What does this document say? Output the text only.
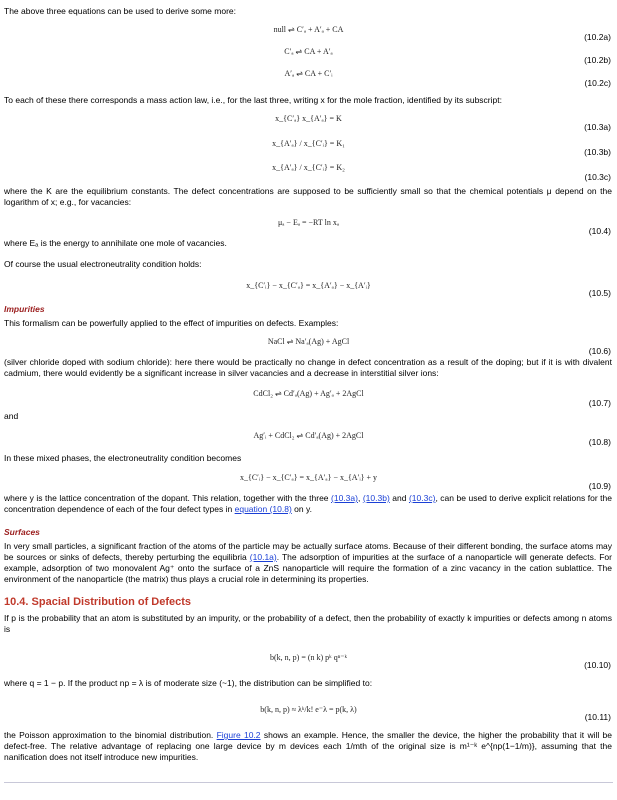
The above three equations can be used to derive some more:
null ⇌ C′ₐ + A′ₐ + CA
(10.2a)
C′ₐ ⇌ CA + A′ₐ
(10.2b)
A′ₐ ⇌ CA + C′ᵢ
(10.2c)
To each of these there corresponds a mass action law, i.e., for the last three, writing x for the mole fraction, identified by its subscript:
x_{C′ₐ} x_{A′ₐ} = K
(10.3a)
x_{A′ₐ} / x_{C′ᵢ} = K₁
(10.3b)
x_{A′ₐ} / x_{C′ᵢ} = K₂
(10.3c)
where the K are the equilibrium constants. The defect concentrations are supposed to be sufficiently small so that the chemical potentials μ depend on the logarithm of x; e.g., for vacancies:
μₐ − Eₐ = −RT ln xₐ
(10.4)
where Eₐ is the energy to annihilate one mole of vacancies.
Of course the usual electroneutrality condition holds:
x_{C′ᵢ} − x_{C′ₐ} = x_{A′ₐ} − x_{A′ᵢ}
(10.5)
Impurities
This formalism can be powerfully applied to the effect of impurities on defects. Examples:
NaCl ⇌ Na′ₐ(Ag) + AgCl
(10.6)
(silver chloride doped with sodium chloride): here there would be practically no change in defect concentration as a result of the doping; but if it is with divalent cadmium, there would evidently be a significant increase in silver vacancies and a decrease in interstitial silver ions:
CdCl₂ ⇌ Cd′ₐ(Ag) + Ag′ₐ + 2AgCl
(10.7)
and
Ag′ᵢ + CdCl₂ ⇌ Cd′ₐ(Ag) + 2AgCl
(10.8)
In these mixed phases, the electroneutrality condition becomes
x_{C′ᵢ} − x_{C′ₐ} = x_{A′ₐ} − x_{A′ᵢ} + y
(10.9)
where y is the lattice concentration of the dopant. This relation, together with the three (10.3a), (10.3b) and (10.3c), can be used to derive explicit relations for the concentration dependence of each of the four defect types in equation (10.8) on y.
Surfaces
In very small particles, a significant fraction of the atoms of the particle may be actually surface atoms. Because of their different bonding, the surface atoms may be sources or sinks of defects, thereby perturbing the equilibria (10.1a). The adsorption of impurities at the surface of a nanoparticle will generate defects. For example, adsorption of two monovalent Ag⁺ onto the surface of a ZnS nanoparticle will require the formation of a zinc vacancy in the cation sublattice. The environment of the nanoparticle (the matrix) thus plays a crucial role in determining its properties.
10.4. Spacial Distribution of Defects
If p is the probability that an atom is substituted by an impurity, or the probability of a defect, then the probability of exactly k impurities or defects among n atoms is
b(k, n, p) = (n k) pᵏ qⁿ⁻ᵏ
(10.10)
where q = 1 − p. If the product np = λ is of moderate size (~1), the distribution can be simplified to:
b(k, n, p) ≈ λᵏ/k! e⁻λ = p(k, λ)
(10.11)
the Poisson approximation to the binomial distribution. Figure 10.2 shows an example. Hence, the smaller the device, the higher the probability that it will be defect-free. The relative advantage of replacing one large device by m devices each 1/mth of the original size is m¹⁻ᵏ e^{np(1−1/m)}, assuming that the nanification does not itself introduce new impurities.
